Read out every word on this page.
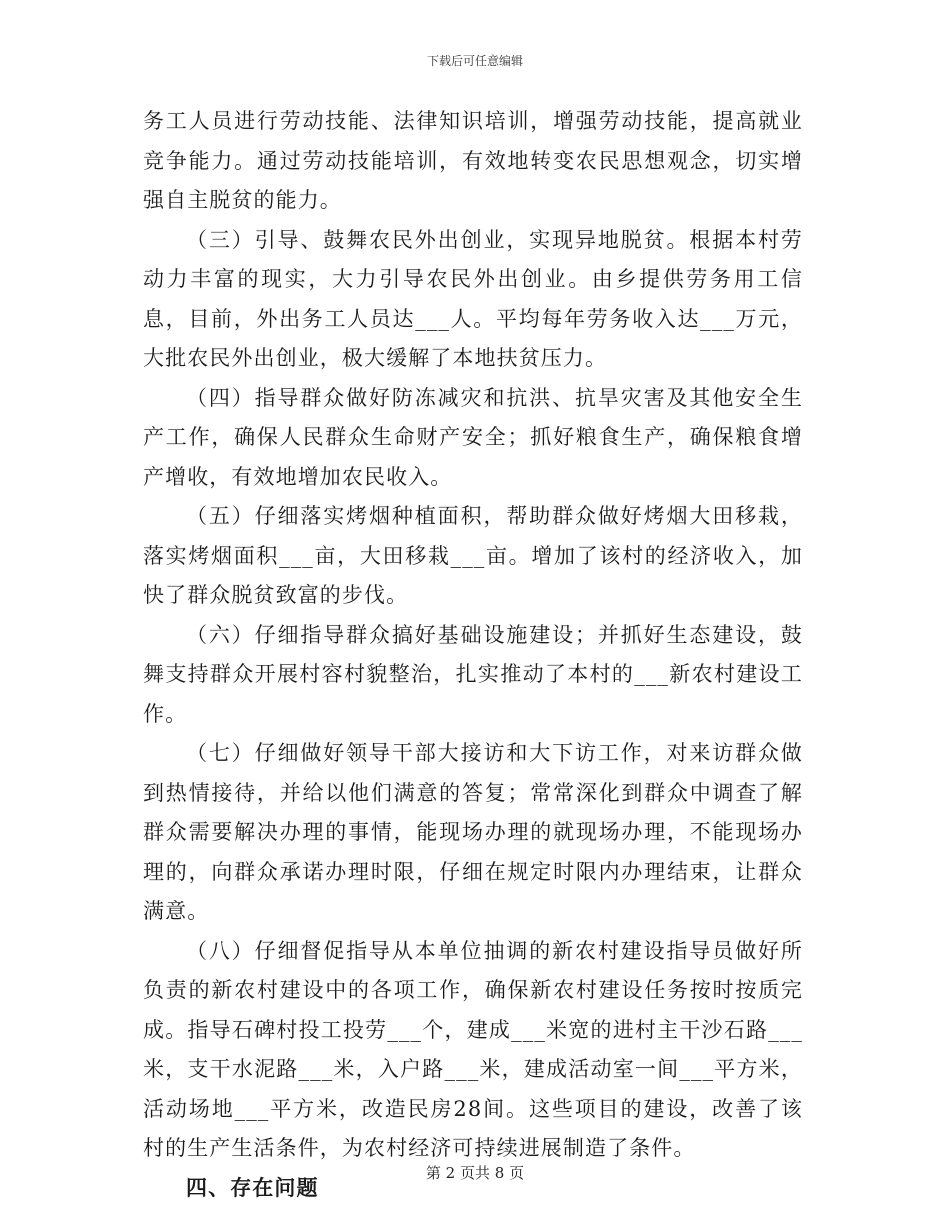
下载后可任意编辑

务工人员进行劳动技能、法律知识培训，增强劳动技能，提高就业竞争能力。通过劳动技能培训，有效地转变农民思想观念，切实增强自主脱贫的能力。

（三）引导、鼓舞农民外出创业，实现异地脱贫。根据本村劳动力丰富的现实，大力引导农民外出创业。由乡提供劳务用工信息，目前，外出务工人员达___人。平均每年劳务收入达___万元，大批农民外出创业，极大缓解了本地扶贫压力。

（四）指导群众做好防冻减灾和抗洪、抗旱灾害及其他安全生产工作，确保人民群众生命财产安全；抓好粮食生产，确保粮食增产增收，有效地增加农民收入。

（五）仔细落实烤烟种植面积，帮助群众做好烤烟大田移栽，落实烤烟面积___亩，大田移栽___亩。增加了该村的经济收入，加快了群众脱贫致富的步伐。

（六）仔细指导群众搞好基础设施建设；并抓好生态建设，鼓舞支持群众开展村容村貌整治，扎实推动了本村的___新农村建设工作。

（七）仔细做好领导干部大接访和大下访工作，对来访群众做到热情接待，并给以他们满意的答复；常常深化到群众中调查了解群众需要解决办理的事情，能现场办理的就现场办理，不能现场办理的，向群众承诺办理时限，仔细在规定时限内办理结束，让群众满意。

（八）仔细督促指导从本单位抽调的新农村建设指导员做好所负责的新农村建设中的各项工作，确保新农村建设任务按时按质完成。指导石碑村投工投劳___个，建成___米宽的进村主干沙石路___米，支干水泥路___米，入户路___米，建成活动室一间___平方米，活动场地___平方米，改造民房28间。这些项目的建设，改善了该村的生产生活条件，为农村经济可持续进展制造了条件。

四、存在问题

第 2 页共 8 页
